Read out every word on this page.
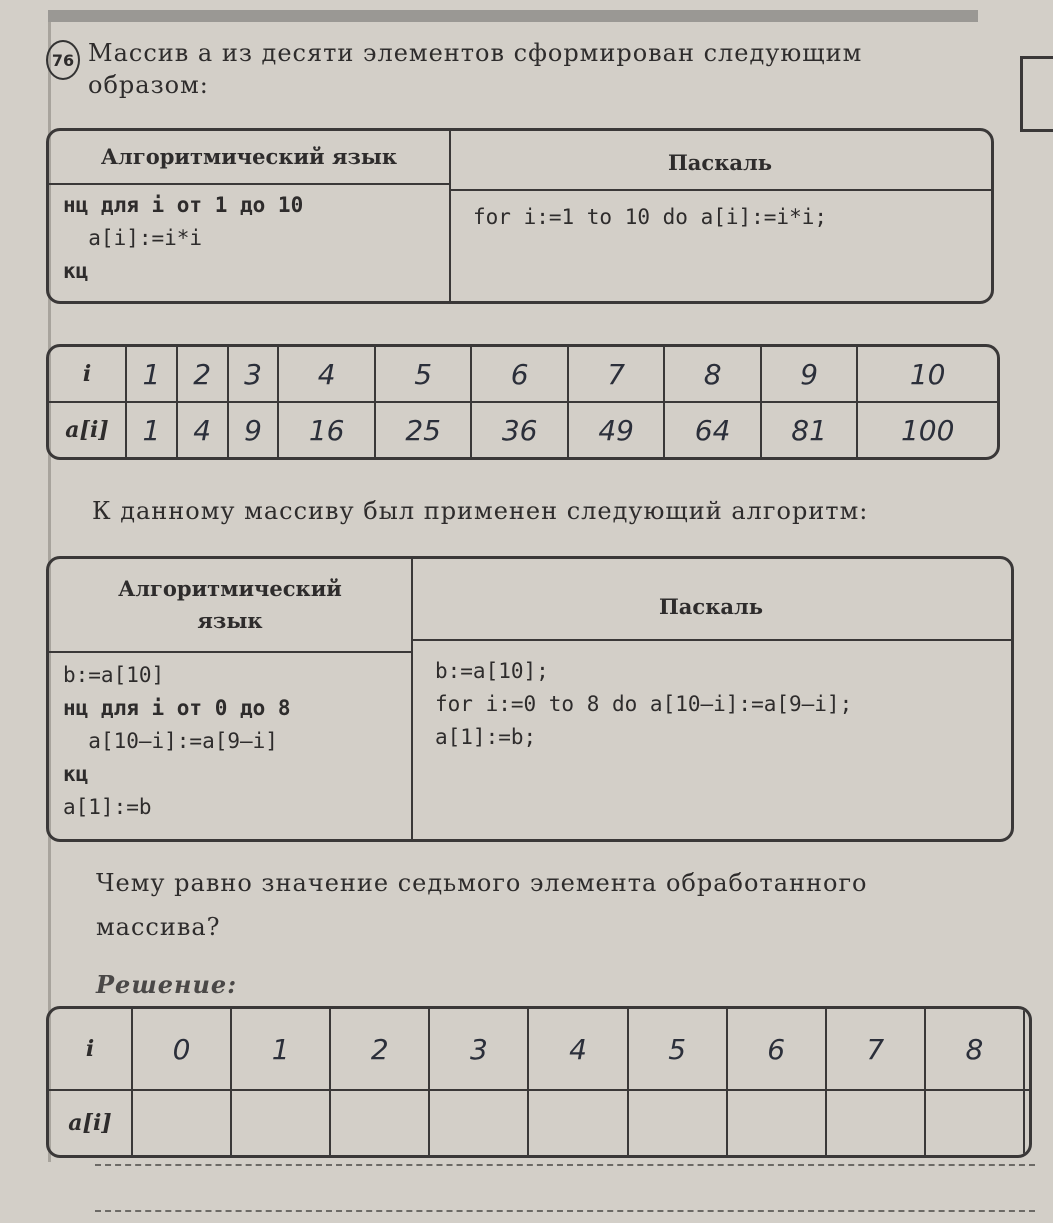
76 Массив a из десяти элементов сформирован следующим
образом:
Алгоритмический язык	Паскаль
нц для i от 1 до 10
a[i]:=i*i
кц
for i:=1 to 10 do a[i]:=i*i;
i	1	2	3	4	5	6	7	8	9	10
a[i]	1	4	9	16	25	36	49	64	81	100
К данному массиву был применен следующий алгоритм:
Алгоритмический
язык
Паскаль
b:=a[10]
нц для i от 0 до 8
a[10–i]:=a[9–i]
кц
a[1]:=b
b:=a[10];
for i:=0 to 8 do a[10–i]:=a[9–i];
a[1]:=b;
Чему равно значение седьмого элемента обработанного
массива?
Решение:
i	0	1	2	3	4	5	6	7	8	
a[i]										
